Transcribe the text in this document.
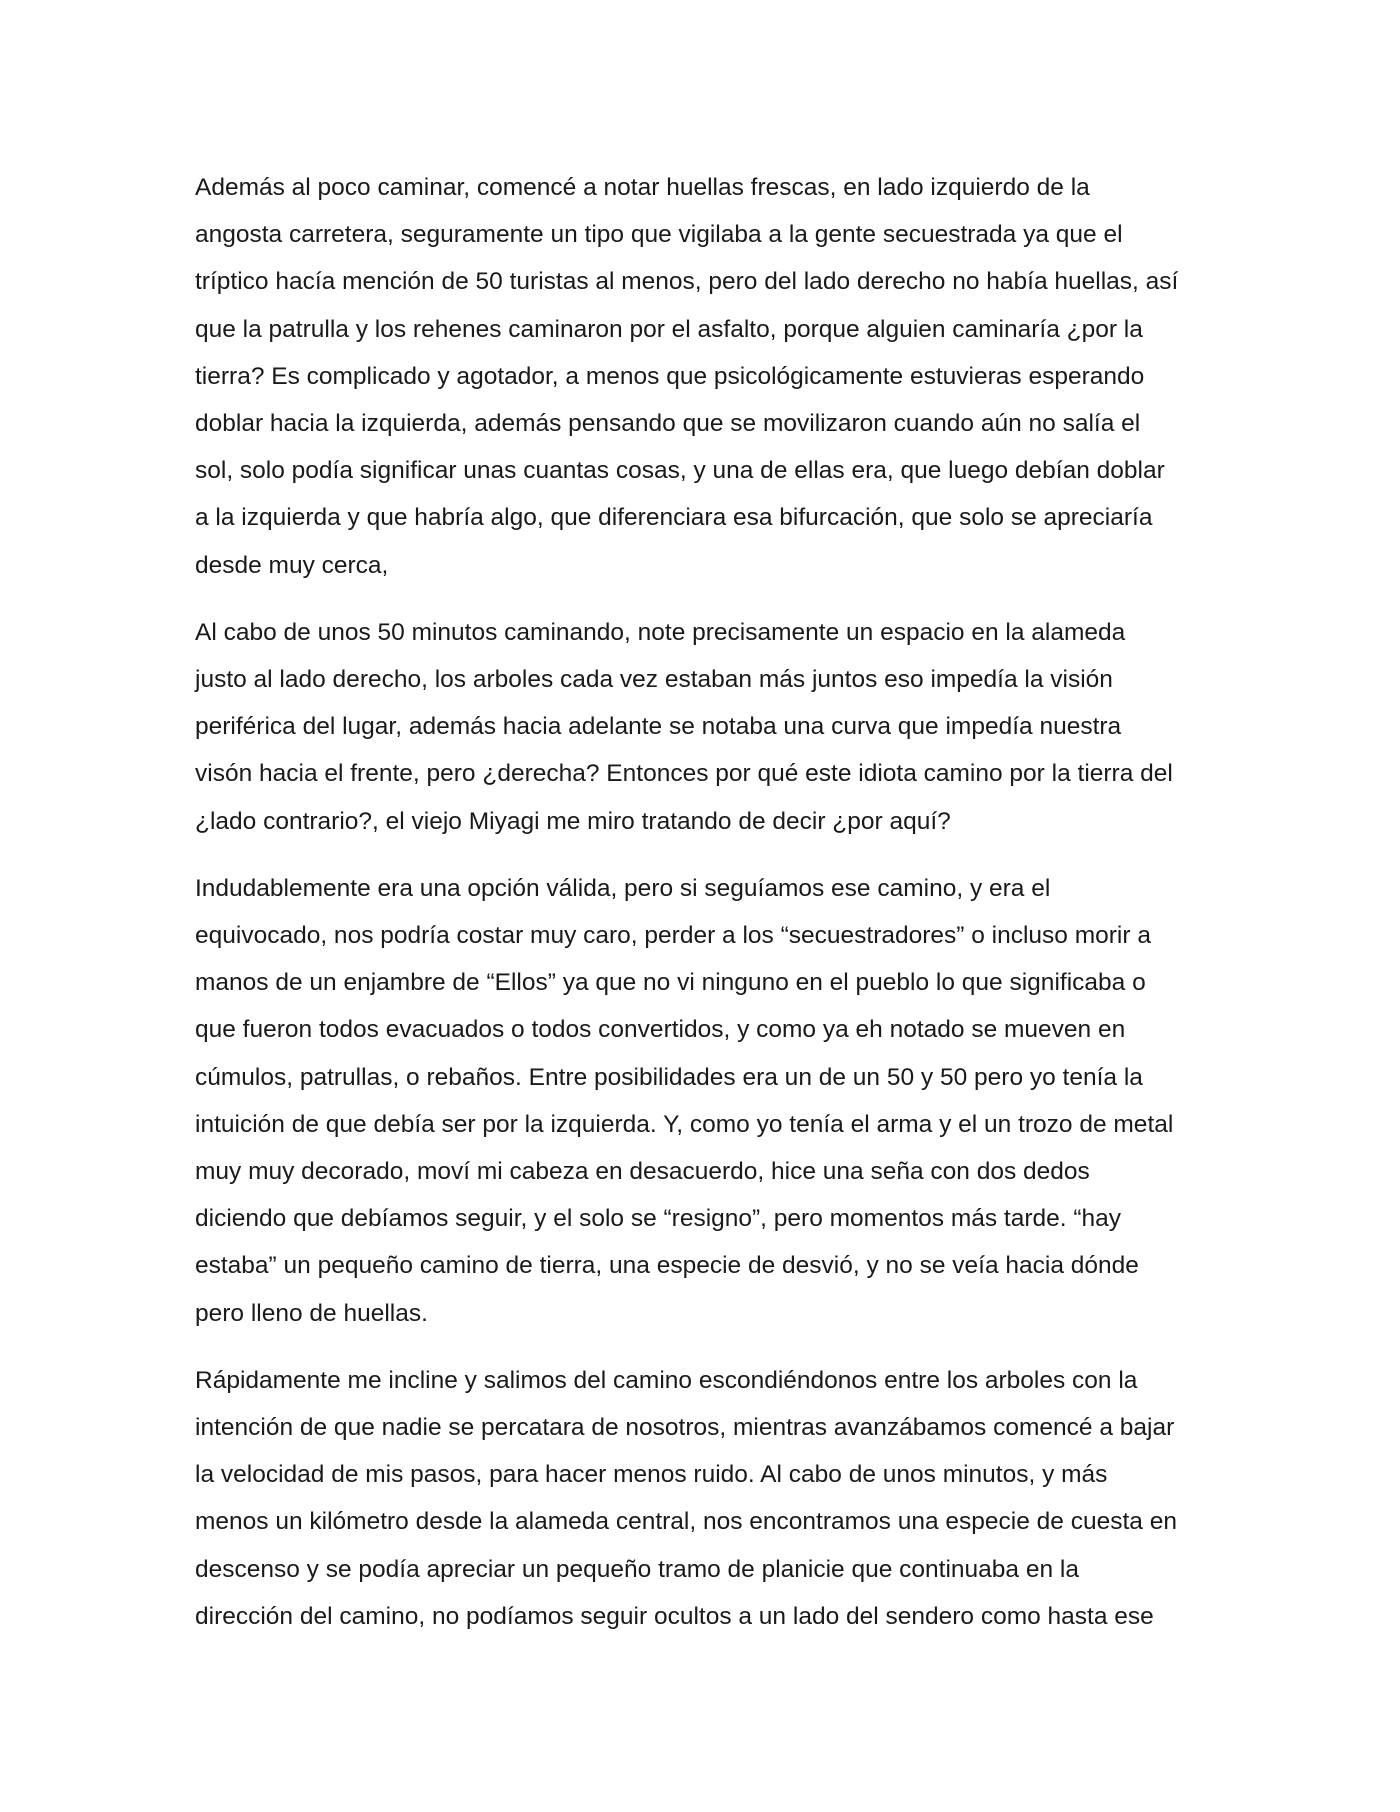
Además al poco caminar, comencé a notar huellas frescas, en lado izquierdo de la
angosta carretera, seguramente un tipo que vigilaba a la gente secuestrada ya que el
tríptico hacía mención de 50 turistas al menos, pero del lado derecho no había huellas, así
que la patrulla y los rehenes caminaron por el asfalto, porque alguien caminaría ¿por la
tierra? Es complicado y agotador, a menos que psicológicamente estuvieras esperando
doblar hacia la izquierda, además pensando que se movilizaron cuando aún no salía el
sol, solo podía significar unas cuantas cosas, y una de ellas era, que luego debían doblar
a la izquierda y que habría algo, que diferenciara esa bifurcación, que solo se apreciaría
desde muy cerca,

Al cabo de unos 50 minutos caminando, note precisamente un espacio en la alameda
justo al lado derecho, los arboles cada vez estaban más juntos eso impedía la visión
periférica del lugar, además hacia adelante se notaba una curva que impedía nuestra
visón hacia el frente, pero ¿derecha? Entonces por qué este idiota camino por la tierra del
¿lado contrario?, el viejo Miyagi me miro tratando de decir ¿por aquí?

Indudablemente era una opción válida, pero si seguíamos ese camino, y era el
equivocado, nos podría costar muy caro, perder a los “secuestradores” o incluso morir a
manos de un enjambre de “Ellos” ya que no vi ninguno en el pueblo lo que significaba o
que fueron todos evacuados o todos convertidos, y como ya eh notado se mueven en
cúmulos, patrullas, o rebaños. Entre posibilidades era un de un 50 y 50 pero yo tenía la
intuición de que debía ser por la izquierda. Y, como yo tenía el arma y el un trozo de metal
muy muy decorado, moví mi cabeza en desacuerdo, hice una seña con dos dedos
diciendo que debíamos seguir, y el solo se “resigno”, pero momentos más tarde. “hay
estaba” un pequeño camino de tierra, una especie de desvió, y no se veía hacia dónde
pero lleno de huellas.

Rápidamente me incline y salimos del camino escondiéndonos entre los arboles con la
intención de que nadie se percatara de nosotros, mientras avanzábamos comencé a bajar
la velocidad de mis pasos, para hacer menos ruido. Al cabo de unos minutos, y más
menos un kilómetro desde la alameda central, nos encontramos una especie de cuesta en
descenso y se podía apreciar un pequeño tramo de planicie que continuaba en la
dirección del camino, no podíamos seguir ocultos a un lado del sendero como hasta ese
